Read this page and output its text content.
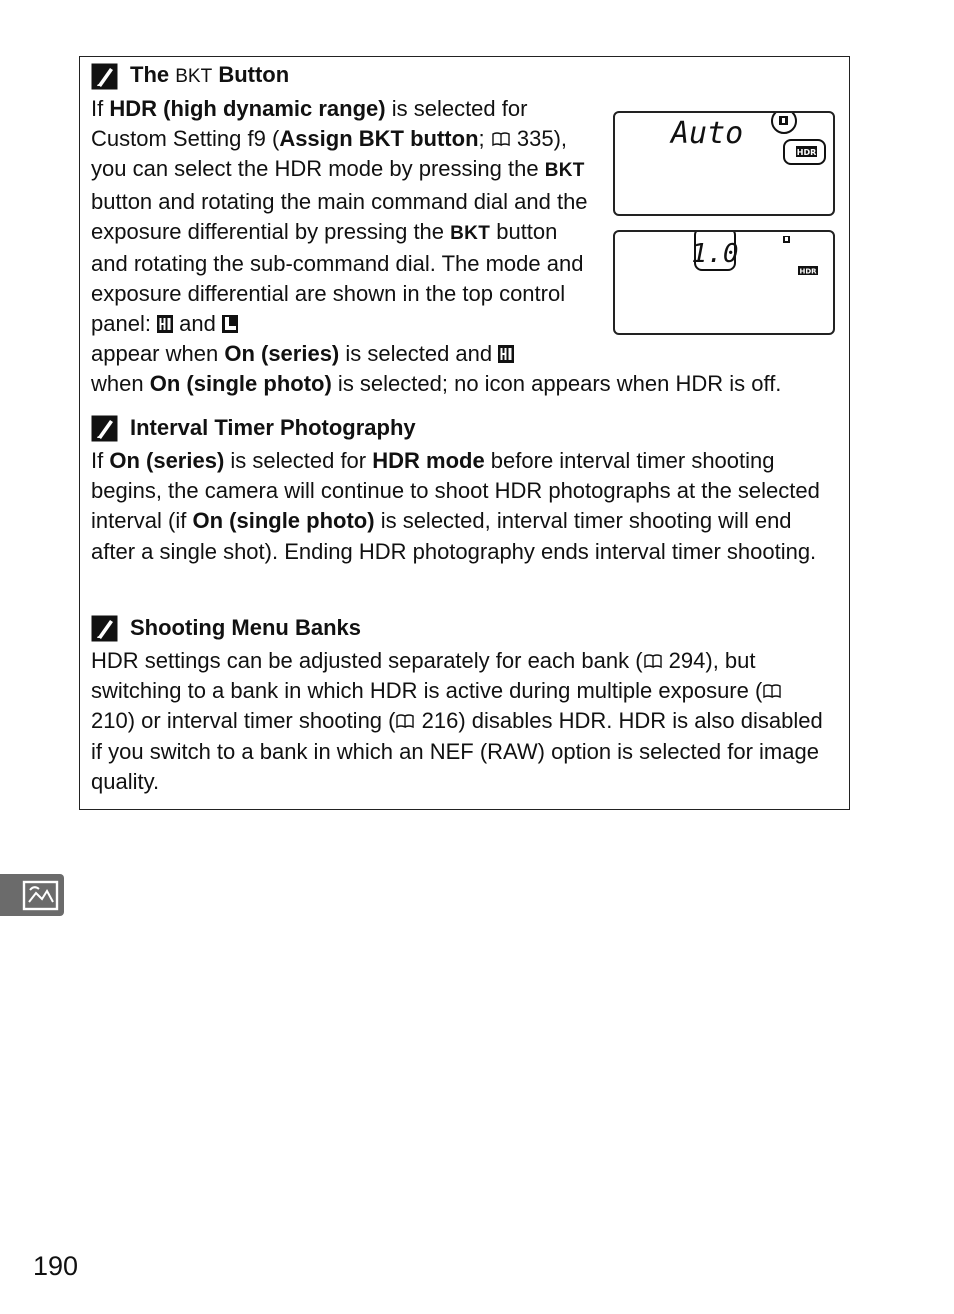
The BKT Button

If HDR (high dynamic range) is selected for Custom Setting f9 (Assign BKT button;
335), you can select the HDR mode by pressing the BKT button and rotating the main command dial and the exposure differential by pressing the BKT button and rotating the sub-command dial. The mode and exposure differential are shown in the top control panel:  and

appear when On (series) is selected and
when On (single photo) is selected; no icon appears when HDR is off.

Auto
HDR
1.0
HDR
Interval Timer Photography

If On (series) is selected for HDR mode before interval timer shooting begins, the camera will continue to shoot HDR photographs at the selected interval (if On (single photo) is selected, interval timer shooting will end after a single shot). Ending HDR photography ends interval timer shooting.

Shooting Menu Banks

HDR settings can be adjusted separately for each bank ( 294), but switching to a bank in which HDR is active during multiple exposure (
210) or interval timer shooting ( 216) disables HDR. HDR is also disabled if you switch to a bank in which an NEF (RAW) option is selected for image quality.

190
